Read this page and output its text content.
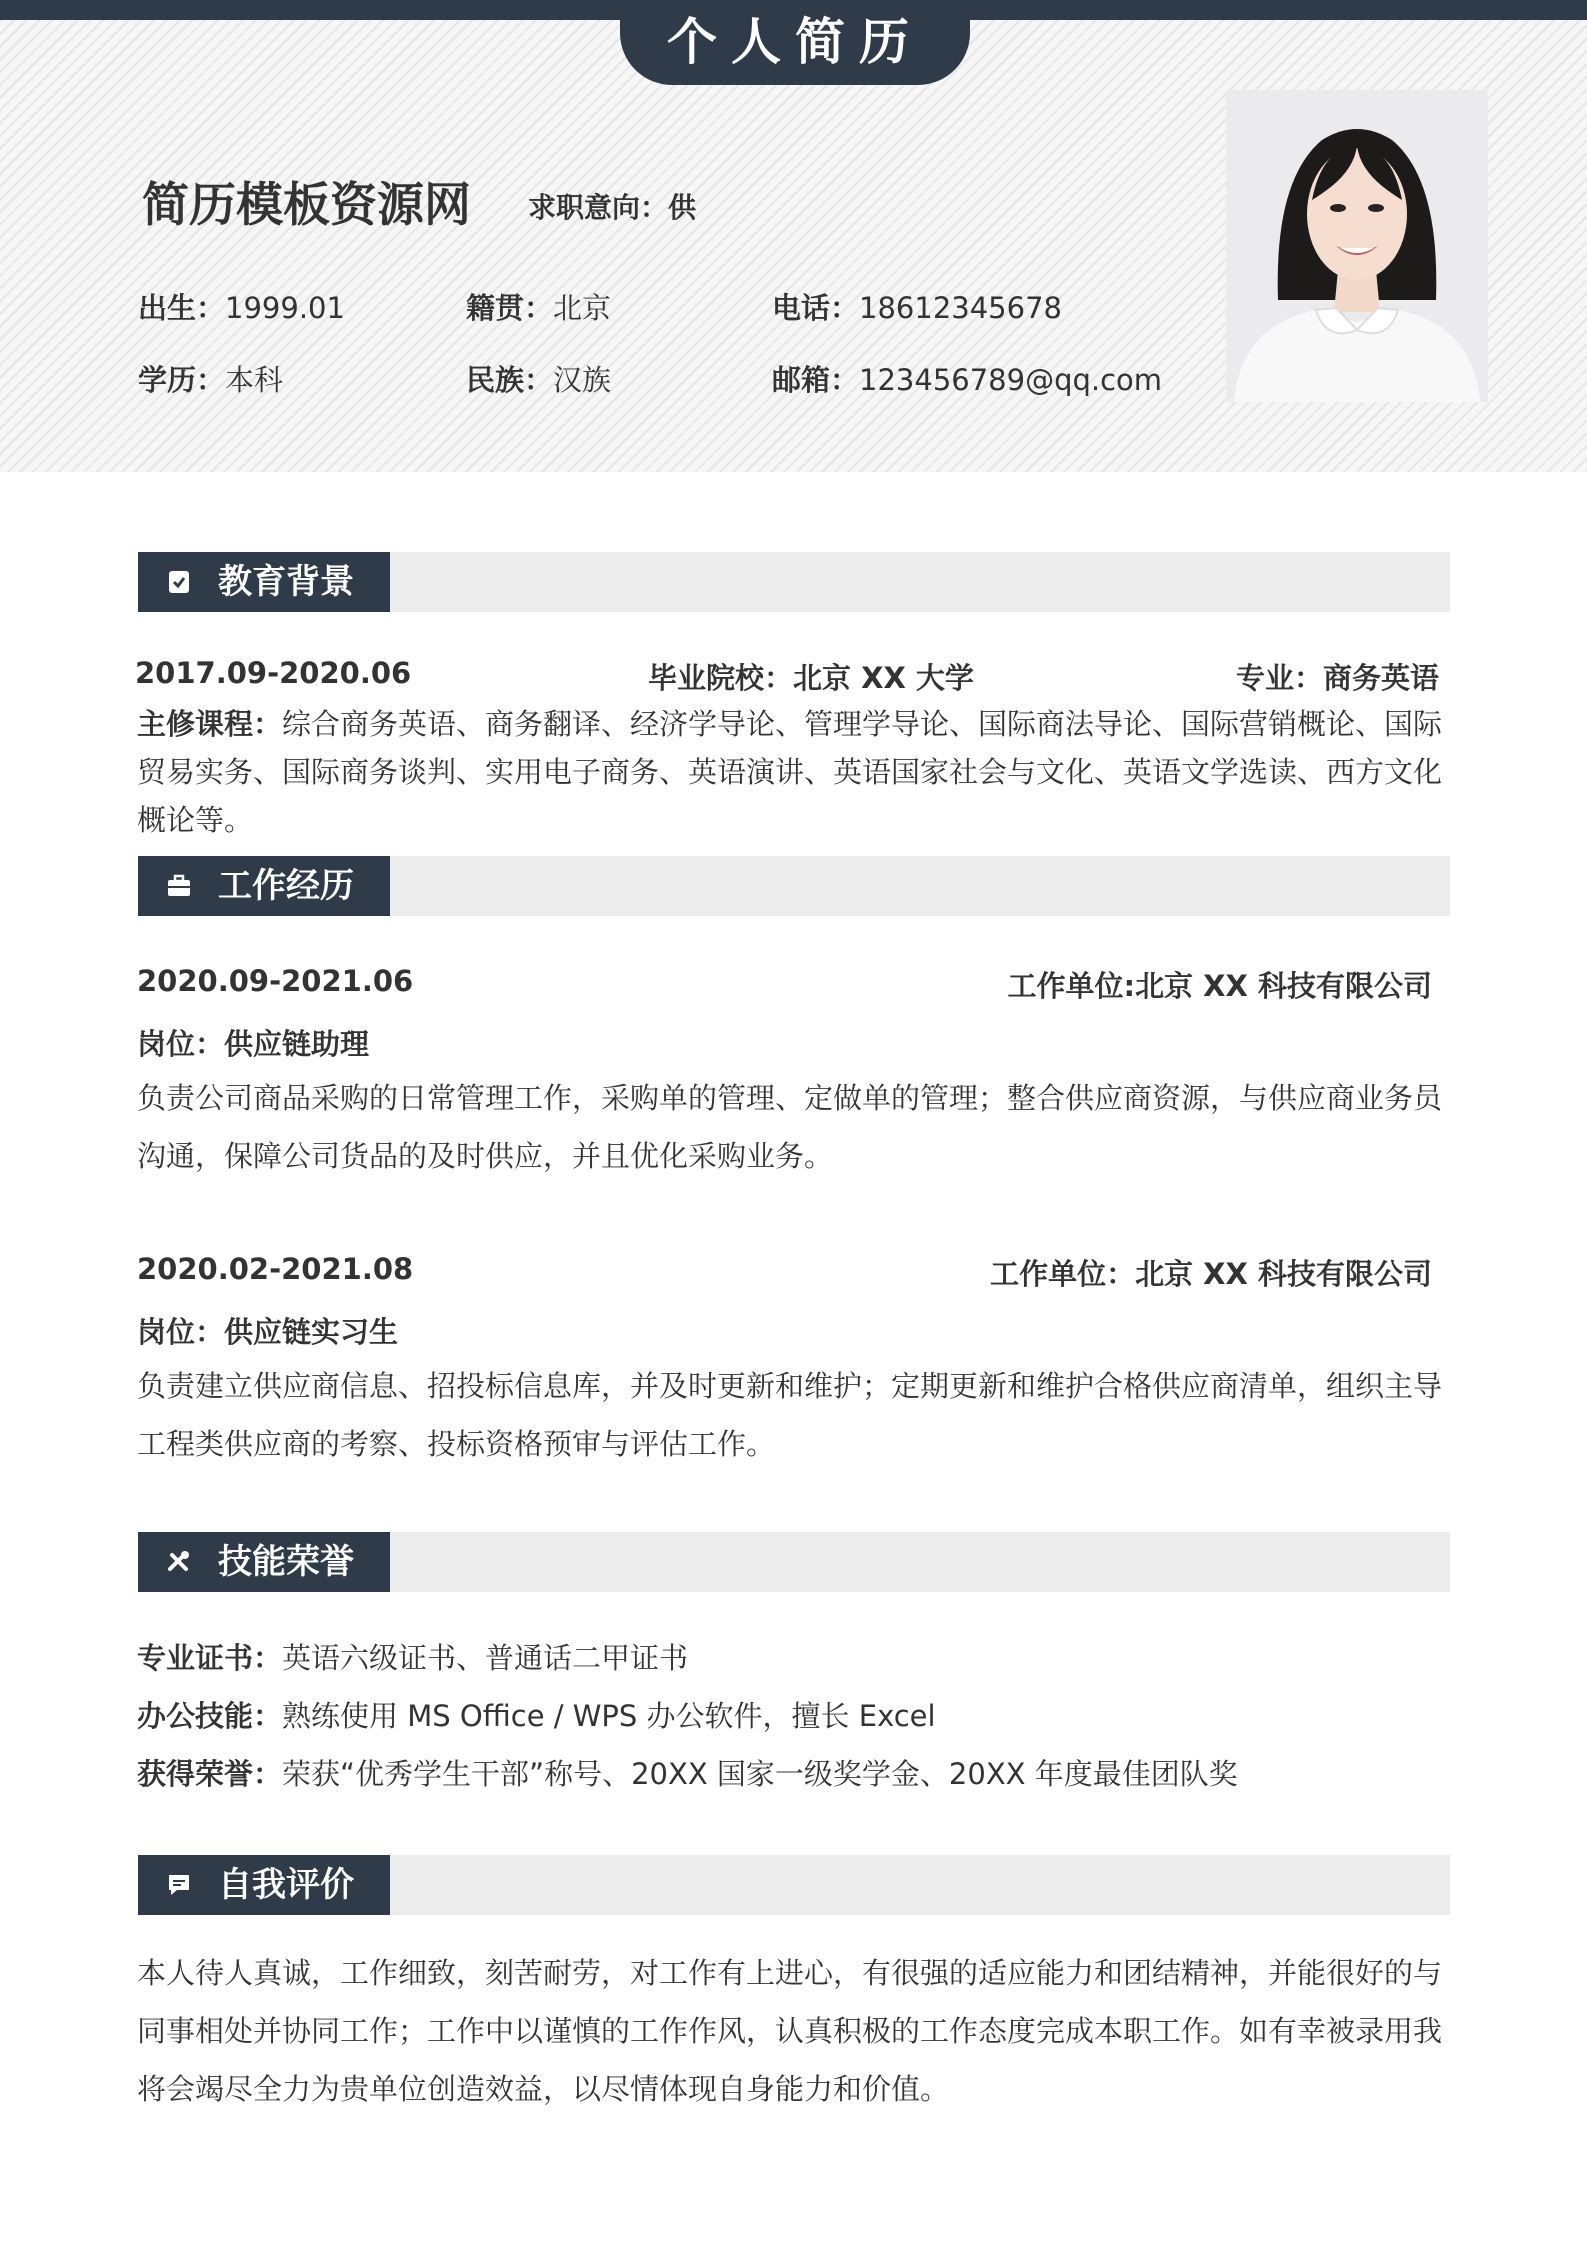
个人简历
简历模板资源网 求职意向：供
出生：1999.01	籍贯：北京	电话：18612345678
学历：本科	民族：汉族	邮箱：123456789@qq.com
教育背景
2017.09-2020.06	毕业院校：北京 XX 大学	专业：商务英语
主修课程：综合商务英语、商务翻译、经济学导论、管理学导论、国际商法导论、国际营销概论、国际贸易实务、国际商务谈判、实用电子商务、英语演讲、英语国家社会与文化、英语文学选读、西方文化概论等。
工作经历
2020.09-2021.06	工作单位:北京 XX 科技有限公司
岗位：供应链助理
负责公司商品采购的日常管理工作，采购单的管理、定做单的管理；整合供应商资源，与供应商业务员沟通，保障公司货品的及时供应，并且优化采购业务。
2020.02-2021.08	工作单位：北京 XX 科技有限公司
岗位：供应链实习生
负责建立供应商信息、招投标信息库，并及时更新和维护；定期更新和维护合格供应商清单，组织主导工程类供应商的考察、投标资格预审与评估工作。
技能荣誉
专业证书：英语六级证书、普通话二甲证书
办公技能：熟练使用 MS Office / WPS 办公软件，擅长 Excel
获得荣誉：荣获“优秀学生干部”称号、20XX 国家一级奖学金、20XX 年度最佳团队奖
自我评价
本人待人真诚，工作细致，刻苦耐劳，对工作有上进心，有很强的适应能力和团结精神，并能很好的与同事相处并协同工作；工作中以谨慎的工作作风，认真积极的工作态度完成本职工作。如有幸被录用我将会竭尽全力为贵单位创造效益，以尽情体现自身能力和价值。
